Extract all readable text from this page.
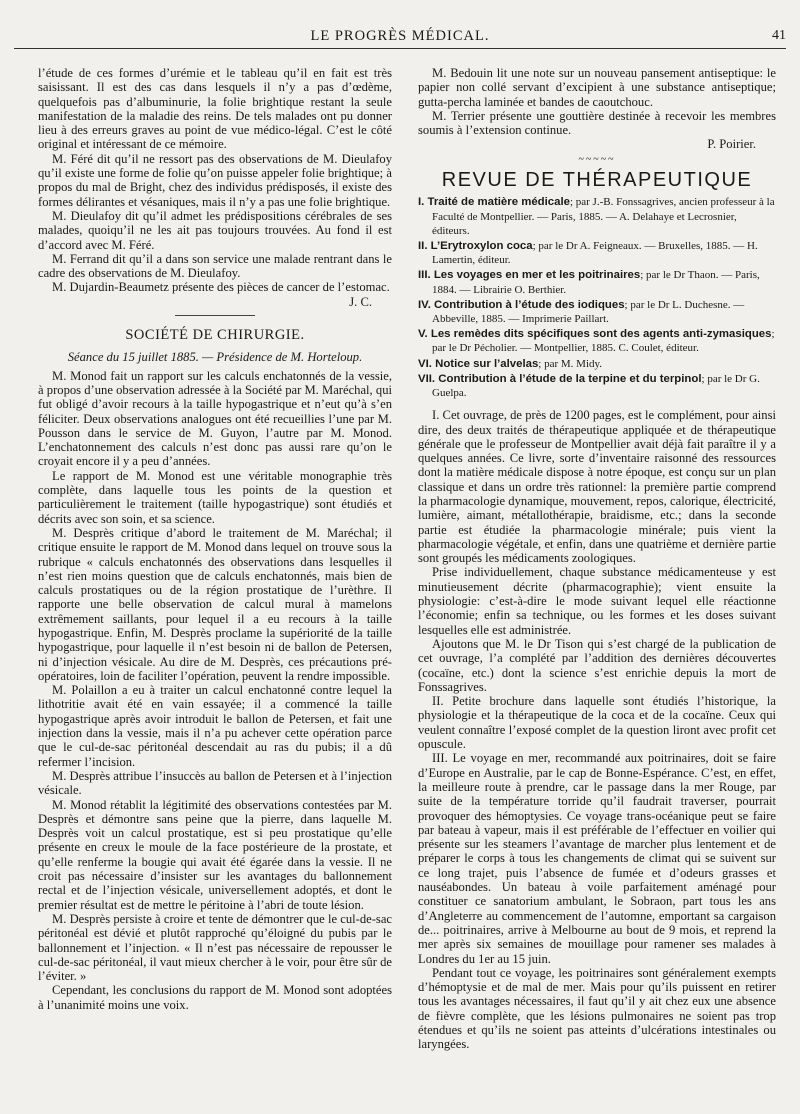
LE PROGRÈS MÉDICAL.	41

l’étude de ces formes d’urémie et le tableau qu’il en fait est très saisissant. Il est des cas dans lesquels il n’y a pas d’œdème, quelquefois pas d’albuminurie, la folie brightique restant la seule manifestation de la maladie des reins. De tels malades ont pu donner lieu à des erreurs graves au point de vue médico-légal. C’est le côté original et intéressant de ce mémoire.

M. Féré dit qu’il ne ressort pas des observations de M. Dieulafoy qu’il existe une forme de folie qu’on puisse appeler folie brightique; à propos du mal de Bright, chez des individus prédisposés, il existe des formes délirantes et vésaniques, mais il n’y a pas une folie brightique.

M. Dieulafoy dit qu’il admet les prédispositions cérébrales de ses malades, quoiqu’il ne les ait pas toujours trouvées. Au fond il est d’accord avec M. Féré.

M. Ferrand dit qu’il a dans son service une malade rentrant dans le cadre des observations de M. Dieulafoy.

M. Dujardin-Beaumetz présente des pièces de cancer de l’estomac.

J. C.
SOCIÉTÉ DE CHIRURGIE.
Séance du 15 juillet 1885. — Présidence de M. Horteloup.

M. Monod fait un rapport sur les calculs enchatonnés de la vessie, à propos d’une observation adressée à la Société par M. Maréchal, qui fut obligé d’avoir recours à la taille hypogastrique et n’eut qu’à s’en féliciter. Deux observations analogues ont été recueillies l’une par M. Pousson dans le service de M. Guyon, l’autre par M. Monod. L’enchatonnement des calculs n’est donc pas aussi rare qu’on le croyait encore il y a peu d’années.

Le rapport de M. Monod est une véritable monographie très complète, dans laquelle tous les points de la question et particulièrement le traitement (taille hypogastrique) sont étudiés et décrits avec son soin, et sa science.

M. Desprès critique d’abord le traitement de M. Maréchal; il critique ensuite le rapport de M. Monod dans lequel on trouve sous la rubrique « calculs enchatonnés des observations dans lesquelles il n’est rien moins question que de calculs enchatonnés, mais bien de calculs prostatiques ou de la région prostatique de l’urèthre. Il rapporte une belle observation de calcul mural à mamelons extrêmement saillants, pour lequel il a eu recours à la taille hypogastrique. Enfin, M. Desprès proclame la supériorité de la taille hypogastrique, pour laquelle il n’est besoin ni de ballon de Petersen, ni d’injection vésicale. Au dire de M. Desprès, ces précautions pré-opératoires, loin de faciliter l’opération, peuvent la rendre impossible.

M. Polaillon a eu à traiter un calcul enchatonné contre lequel la lithotritie avait été en vain essayée; il a commencé la taille hypogastrique après avoir introduit le ballon de Petersen, et fait une injection dans la vessie, mais il n’a pu achever cette opération parce que le cul-de-sac péritonéal descendait au ras du pubis; il a dû refermer l’incision.

M. Desprès attribue l’insuccès au ballon de Petersen et à l’injection vésicale.

M. Monod rétablit la légitimité des observations contestées par M. Desprès et démontre sans peine que la pierre, dans laquelle M. Desprès voit un calcul prostatique, est si peu prostatique qu’elle présente en creux le moule de la face postérieure de la prostate, et qu’elle renferme la bougie qui avait été égarée dans la vessie. Il ne croit pas nécessaire d’insister sur les avantages du ballonnement rectal et de l’injection vésicale, universellement adoptés, et dont le premier résultat est de mettre le péritoine à l’abri de toute lésion.

M. Desprès persiste à croire et tente de démontrer que le cul-de-sac péritonéal est dévié et plutôt rapproché qu’éloigné du pubis par le ballonnement et l’injection. « Il n’est pas nécessaire de repousser le cul-de-sac péritonéal, il vaut mieux chercher à le voir, pour être sûr de l’éviter. »

Cependant, les conclusions du rapport de M. Monod sont adoptées à l’unanimité moins une voix.

M. Bedouin lit une note sur un nouveau pansement antiseptique: le papier non collé servant d’excipient à une substance antiseptique; gutta-percha laminée et bandes de caoutchouc.

M. Terrier présente une gouttière destinée à recevoir les membres soumis à l’extension continue.

P. Poirier.
~~~~~
REVUE DE THÉRAPEUTIQUE
I. Traité de matière médicale; par J.-B. Fonssagrives, ancien professeur à la Faculté de Montpellier. — Paris, 1885. — A. Delahaye et Lecrosnier, éditeurs.
II. L’Erytroxylon coca; par le Dr A. Feigneaux. — Bruxelles, 1885. — H. Lamertin, éditeur.
III. Les voyages en mer et les poitrinaires; par le Dr Thaon. — Paris, 1884. — Librairie O. Berthier.
IV. Contribution à l’étude des iodiques; par le Dr L. Duchesne. — Abbeville, 1885. — Imprimerie Paillart.
V. Les remèdes dits spécifiques sont des agents anti-zymasiques; par le Dr Pécholier. — Montpellier, 1885. C. Coulet, éditeur.
VI. Notice sur l’alvelas; par M. Midy.
VII. Contribution à l’étude de la terpine et du terpinol; par le Dr G. Guelpa.

I. Cet ouvrage, de près de 1200 pages, est le complément, pour ainsi dire, des deux traités de thérapeutique appliquée et de thérapeutique générale que le professeur de Montpellier avait déjà fait paraître il y a quelques années. Ce livre, sorte d’inventaire raisonné des ressources dont la matière médicale dispose à notre époque, est conçu sur un plan classique et dans un ordre très rationnel: la première partie comprend la pharmacologie dynamique, mouvement, repos, calorique, électricité, lumière, aimant, métallothérapie, braidisme, etc.; dans la seconde partie est étudiée la pharmacologie minérale; puis vient la pharmacologie végétale, et enfin, dans une quatrième et dernière partie sont groupés les médicaments zoologiques.

Prise individuellement, chaque substance médicamenteuse y est minutieusement décrite (pharmacographie); vient ensuite la physiologie: c’est-à-dire le mode suivant lequel elle réactionne l’économie; enfin sa technique, ou les formes et les doses suivant lesquelles elle est administrée.

Ajoutons que M. le Dr Tison qui s’est chargé de la publication de cet ouvrage, l’a complété par l’addition des dernières découvertes (cocaïne, etc.) dont la science s’est enrichie depuis la mort de Fonssagrives.

II. Petite brochure dans laquelle sont étudiés l’historique, la physiologie et la thérapeutique de la coca et de la cocaïne. Ceux qui veulent connaître l’exposé complet de la question liront avec profit cet opuscule.

III. Le voyage en mer, recommandé aux poitrinaires, doit se faire d’Europe en Australie, par le cap de Bonne-Espérance. C’est, en effet, la meilleure route à prendre, car le passage dans la mer Rouge, par suite de la température torride qu’il faudrait traverser, pourrait provoquer des hémoptysies. Ce voyage trans-océanique peut se faire par bateau à vapeur, mais il est préférable de l’effectuer en voilier qui présente sur les steamers l’avantage de marcher plus lentement et de préparer le corps à tous les changements de climat qui se suivent sur ce long trajet, puis l’absence de fumée et d’odeurs grasses et nauséabondes. Un bateau à voile parfaitement aménagé pour constituer ce sanatorium ambulant, le Sobraon, part tous les ans d’Angleterre au commencement de l’automne, emportant sa cargaison de... poitrinaires, arrive à Melbourne au bout de 9 mois, et reprend la mer après six semaines de mouillage pour ramener ses malades à Londres du 1er au 15 juin.

Pendant tout ce voyage, les poitrinaires sont généralement exempts d’hémoptysie et de mal de mer. Mais pour qu’ils puissent en retirer tous les avantages nécessaires, il faut qu’il y ait chez eux une absence de fièvre complète, que les lésions pulmonaires ne soient pas trop étendues et qu’ils ne soient pas atteints d’ulcérations intestinales ou laryngées.
